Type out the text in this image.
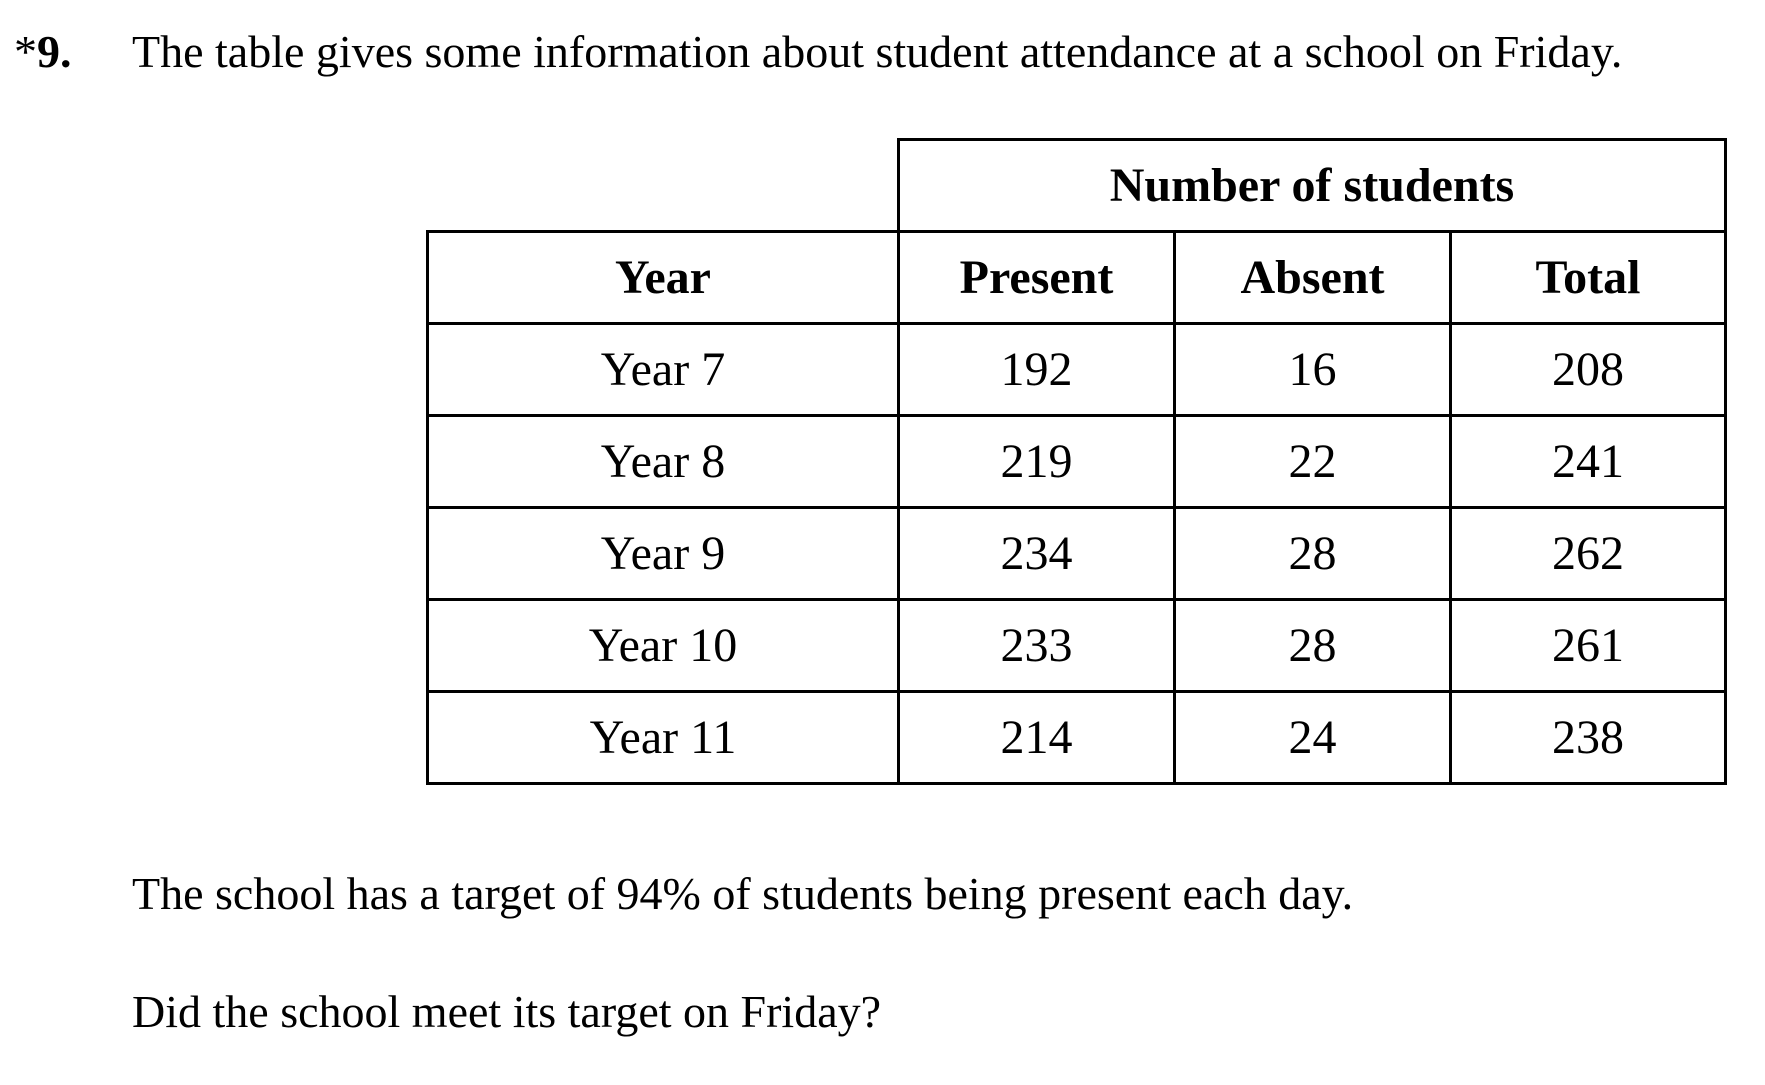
*9. The table gives some information about student attendance at a school on Friday.
	Number of students		
Year	Present	Absent	Total
Year 7	192	16	208
Year 8	219	22	241
Year 9	234	28	262
Year 10	233	28	261
Year 11	214	24	238
The school has a target of 94% of students being present each day.
Did the school meet its target on Friday?
